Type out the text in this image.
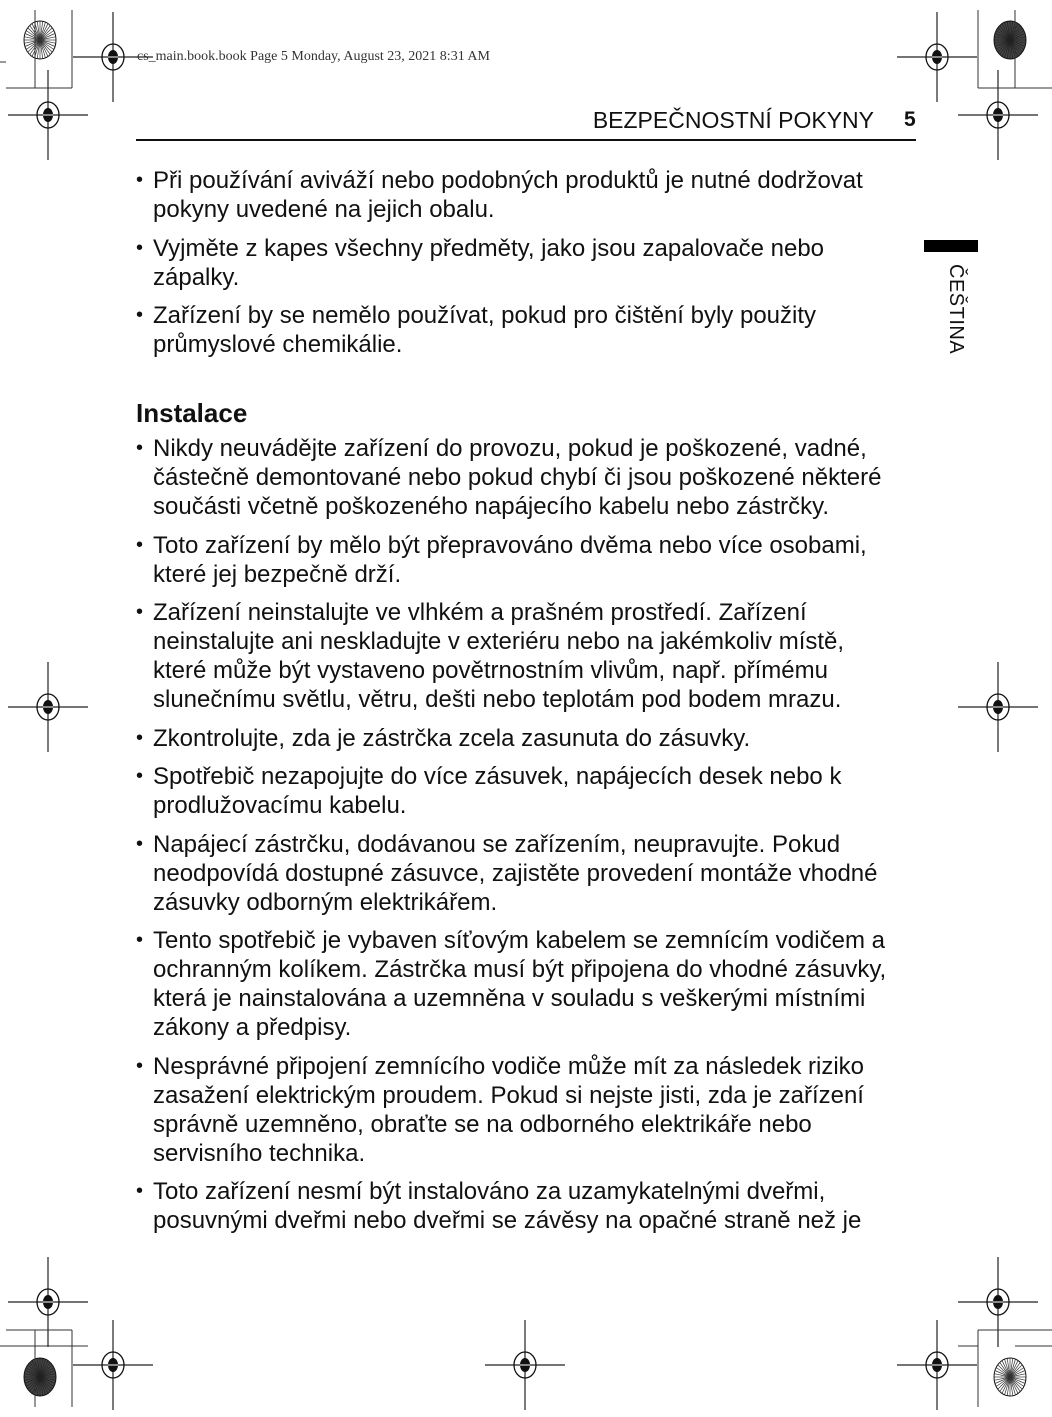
cs_main.book.book Page 5 Monday, August 23, 2021 8:31 AM
BEZPEČNOSTNÍ POKYNY 5
ČEŠTINA
• Při používání aviváží nebo podobných produktů je nutné dodržovat
pokyny uvedené na jejich obalu.
• Vyjměte z kapes všechny předměty, jako jsou zapalovače nebo
zápalky.
• Zařízení by se nemělo používat, pokud pro čištění byly použity
průmyslové chemikálie.
Instalace
• Nikdy neuvádějte zařízení do provozu, pokud je poškozené, vadné,
částečně demontované nebo pokud chybí či jsou poškozené některé
součásti včetně poškozeného napájecího kabelu nebo zástrčky.
• Toto zařízení by mělo být přepravováno dvěma nebo více osobami,
které jej bezpečně drží.
• Zařízení neinstalujte ve vlhkém a prašném prostředí. Zařízení
neinstalujte ani neskladujte v exteriéru nebo na jakémkoliv místě,
které může být vystaveno povětrnostním vlivům, např. přímému
slunečnímu světlu, větru, dešti nebo teplotám pod bodem mrazu.
• Zkontrolujte, zda je zástrčka zcela zasunuta do zásuvky.
• Spotřebič nezapojujte do více zásuvek, napájecích desek nebo k
prodlužovacímu kabelu.
• Napájecí zástrčku, dodávanou se zařízením, neupravujte. Pokud
neodpovídá dostupné zásuvce, zajistěte provedení montáže vhodné
zásuvky odborným elektrikářem.
• Tento spotřebič je vybaven síťovým kabelem se zemnícím vodičem a
ochranným kolíkem. Zástrčka musí být připojena do vhodné zásuvky,
která je nainstalována a uzemněna v souladu s veškerými místními
zákony a předpisy.
• Nesprávné připojení zemnícího vodiče může mít za následek riziko
zasažení elektrickým proudem. Pokud si nejste jisti, zda je zařízení
správně uzemněno, obraťte se na odborného elektrikáře nebo
servisního technika.
• Toto zařízení nesmí být instalováno za uzamykatelnými dveřmi,
posuvnými dveřmi nebo dveřmi se závěsy na opačné straně než je
